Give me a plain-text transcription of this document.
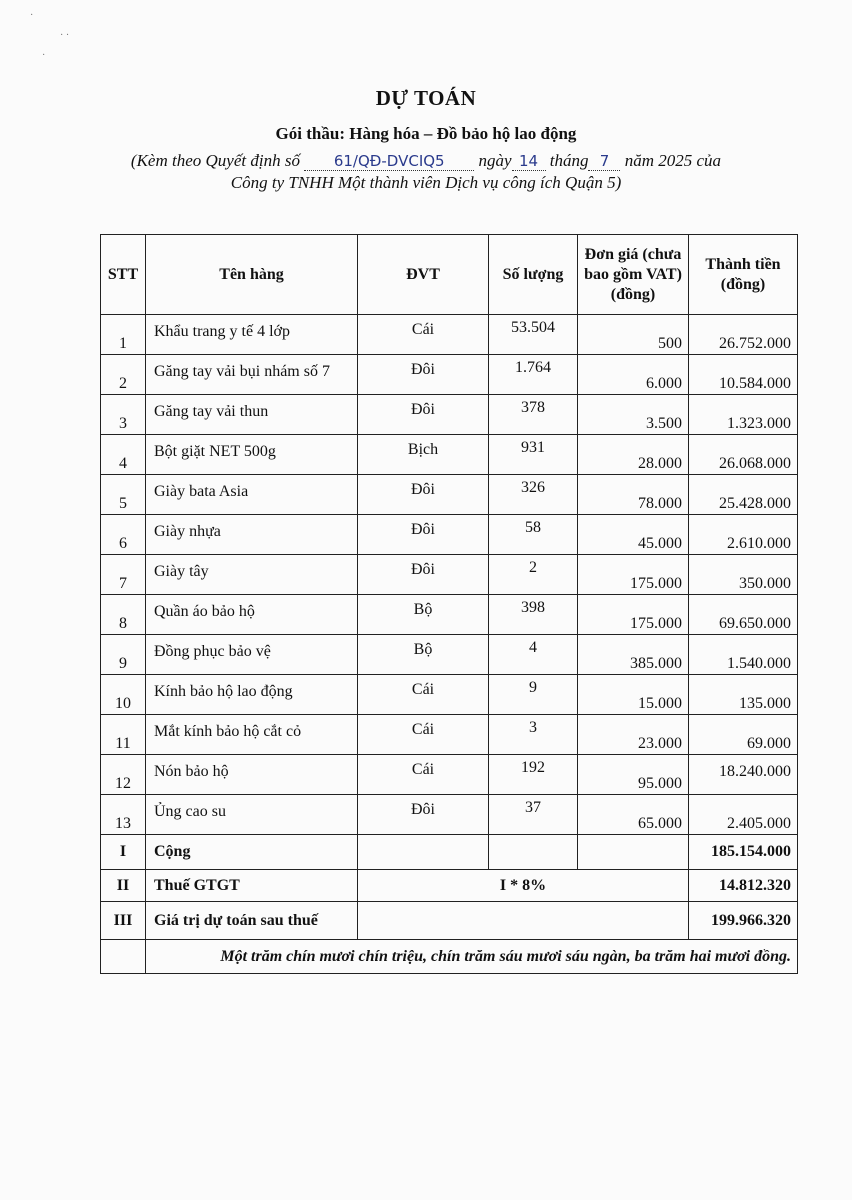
·
· ·
·
DỰ TOÁN
Gói thầu: Hàng hóa – Đồ bảo hộ lao động
(Kèm theo Quyết định số 61/QĐ-DVCIQ5 ngày 14 tháng 7 năm 2025 của
Công ty TNHH Một thành viên Dịch vụ công ích Quận 5)
STT	Tên hàng	ĐVT	Số lượng	Đơn giá (chưa bao gồm VAT) (đồng)	Thành tiền (đồng)
1	Khẩu trang y tế 4 lớp	Cái	53.504	500	26.752.000
2	Găng tay vải bụi nhám số 7	Đôi	1.764	6.000	10.584.000
3	Găng tay vải thun	Đôi	378	3.500	1.323.000
4	Bột giặt NET 500g	Bịch	931	28.000	26.068.000
5	Giày bata Asia	Đôi	326	78.000	25.428.000
6	Giày nhựa	Đôi	58	45.000	2.610.000
7	Giày tây	Đôi	2	175.000	350.000
8	Quần áo bảo hộ	Bộ	398	175.000	69.650.000
9	Đồng phục bảo vệ	Bộ	4	385.000	1.540.000
10	Kính bảo hộ lao động	Cái	9	15.000	135.000
11	Mắt kính bảo hộ cắt cỏ	Cái	3	23.000	69.000
12	Nón bảo hộ	Cái	192	95.000	18.240.000
13	Ủng cao su	Đôi	37	65.000	2.405.000
I	Cộng				185.154.000
II	Thuế GTGT	I * 8%			14.812.320
III	Giá trị dự toán sau thuế				199.966.320
	Một trăm chín mươi chín triệu, chín trăm sáu mươi sáu ngàn, ba trăm hai mươi đồng.				
